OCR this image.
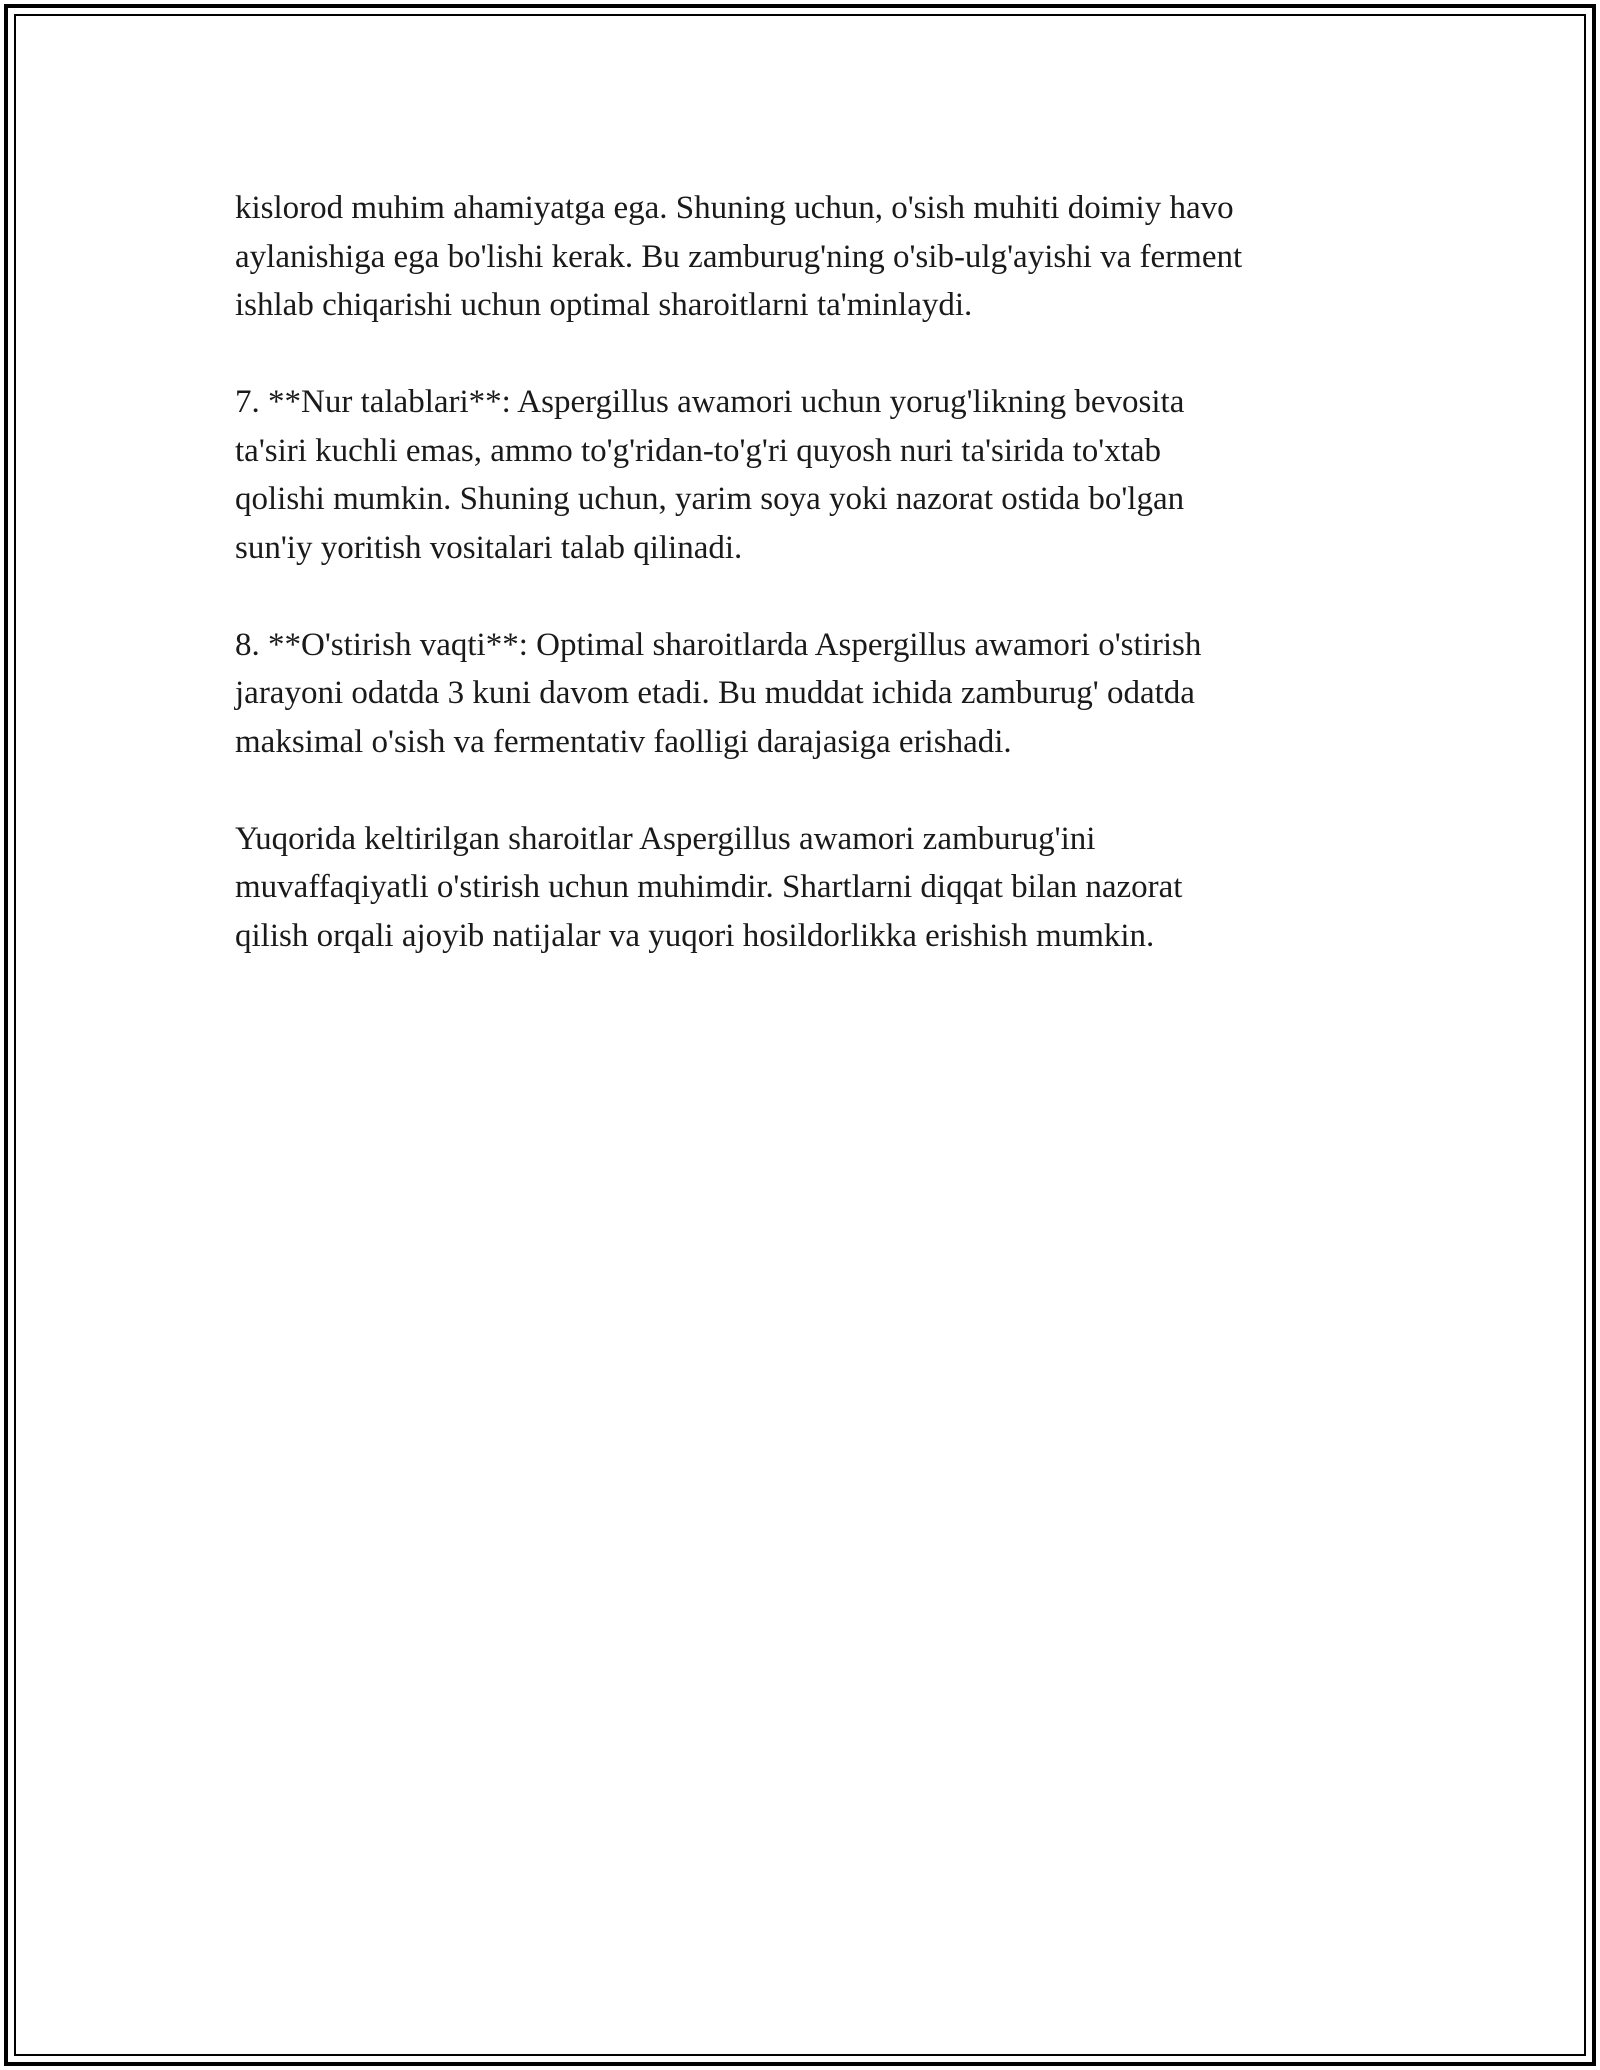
kislorod muhim ahamiyatga ega. Shuning uchun, o'sish muhiti doimiy havo
aylanishiga ega bo'lishi kerak. Bu zamburug'ning o'sib-ulg'ayishi va ferment
ishlab chiqarishi uchun optimal sharoitlarni ta'minlaydi.

7. **Nur talablari**: Aspergillus awamori uchun yorug'likning bevosita
ta'siri kuchli emas, ammo to'g'ridan-to'g'ri quyosh nuri ta'sirida to'xtab
qolishi mumkin. Shuning uchun, yarim soya yoki nazorat ostida bo'lgan
sun'iy yoritish vositalari talab qilinadi.

8. **O'stirish vaqti**: Optimal sharoitlarda Aspergillus awamori o'stirish
jarayoni odatda 3 kuni davom etadi. Bu muddat ichida zamburug' odatda
maksimal o'sish va fermentativ faolligi darajasiga erishadi.

Yuqorida keltirilgan sharoitlar Aspergillus awamori zamburug'ini
muvaffaqiyatli o'stirish uchun muhimdir. Shartlarni diqqat bilan nazorat
qilish orqali ajoyib natijalar va yuqori hosildorlikka erishish mumkin.
